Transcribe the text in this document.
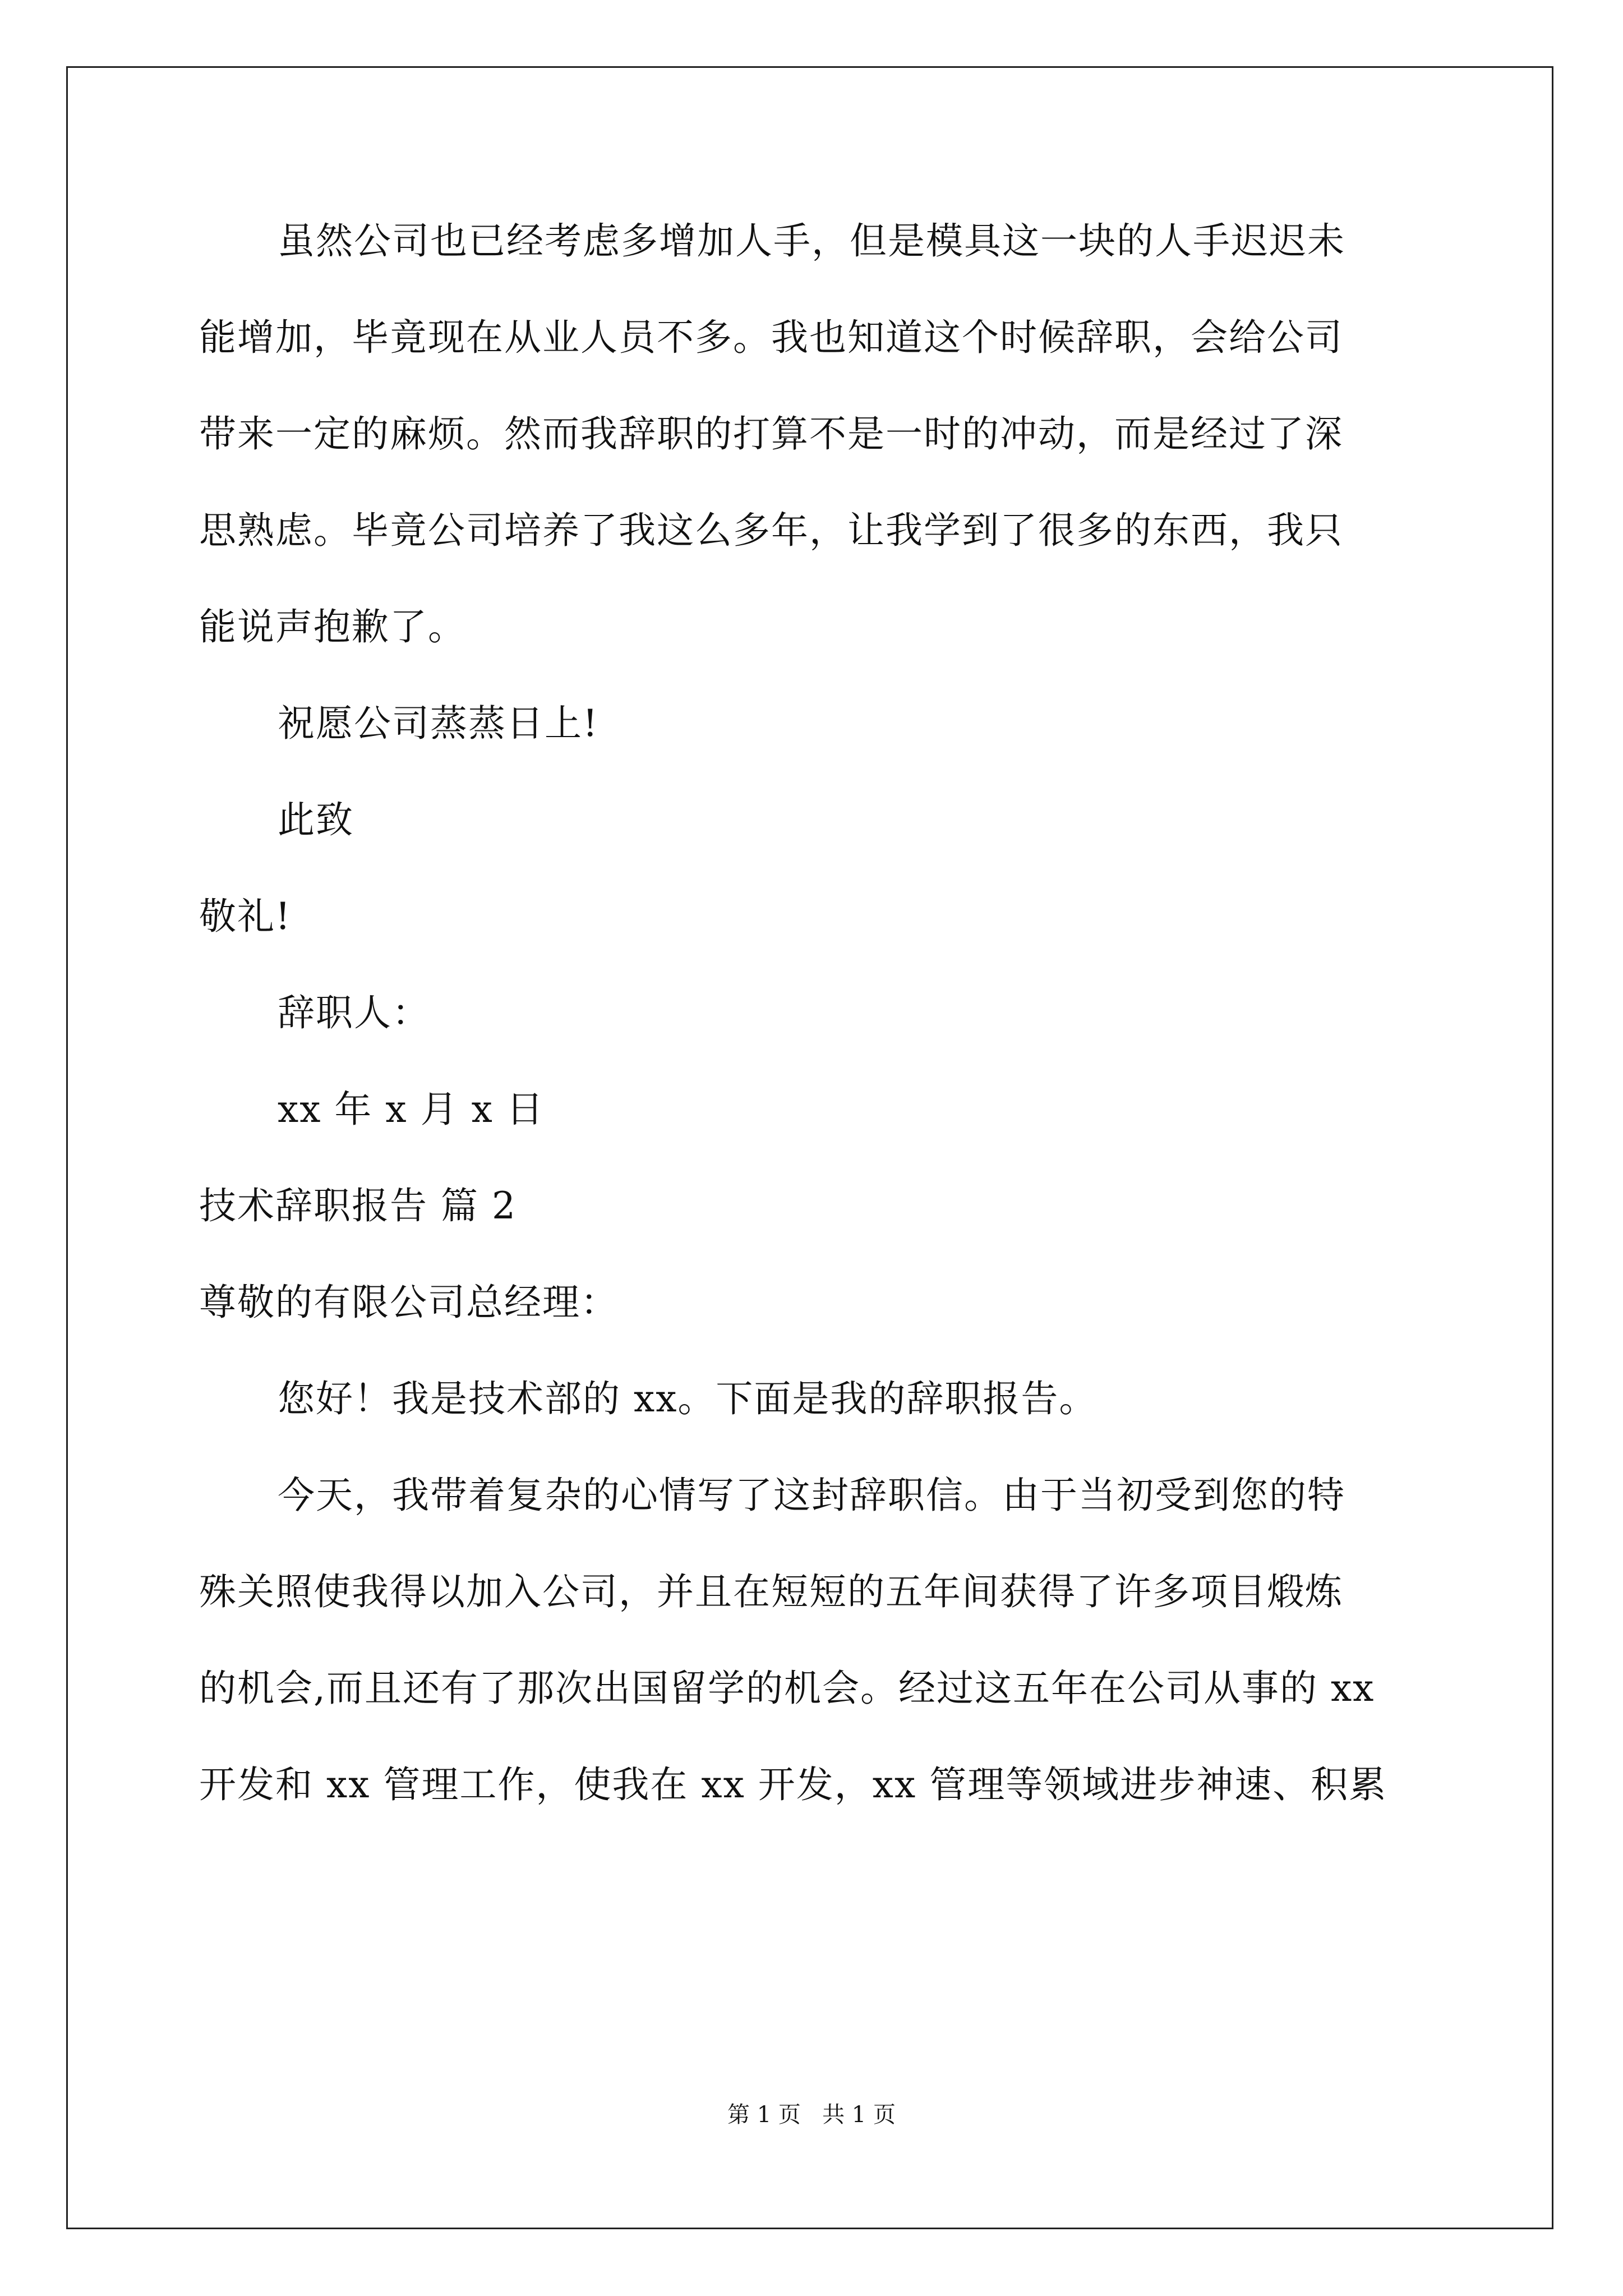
虽然公司也已经考虑多增加人手，但是模具这一块的人手迟迟未
能增加，毕竟现在从业人员不多。我也知道这个时候辞职，会给公司
带来一定的麻烦。然而我辞职的打算不是一时的冲动，而是经过了深
思熟虑。毕竟公司培养了我这么多年，让我学到了很多的东西，我只
能说声抱歉了。
祝愿公司蒸蒸日上!
此致
敬礼!
辞职人：
xx 年 x 月 x 日
技术辞职报告 篇 2
尊敬的有限公司总经理：
您好！我是技术部的 xx。下面是我的辞职报告。
今天，我带着复杂的心情写了这封辞职信。由于当初受到您的特
殊关照使我得以加入公司，并且在短短的五年间获得了许多项目煅炼
的机会,而且还有了那次出国留学的机会。经过这五年在公司从事的 xx
开发和 xx 管理工作，使我在 xx 开发，xx 管理等领域进步神速、积累
第 1 页   共 1 页
